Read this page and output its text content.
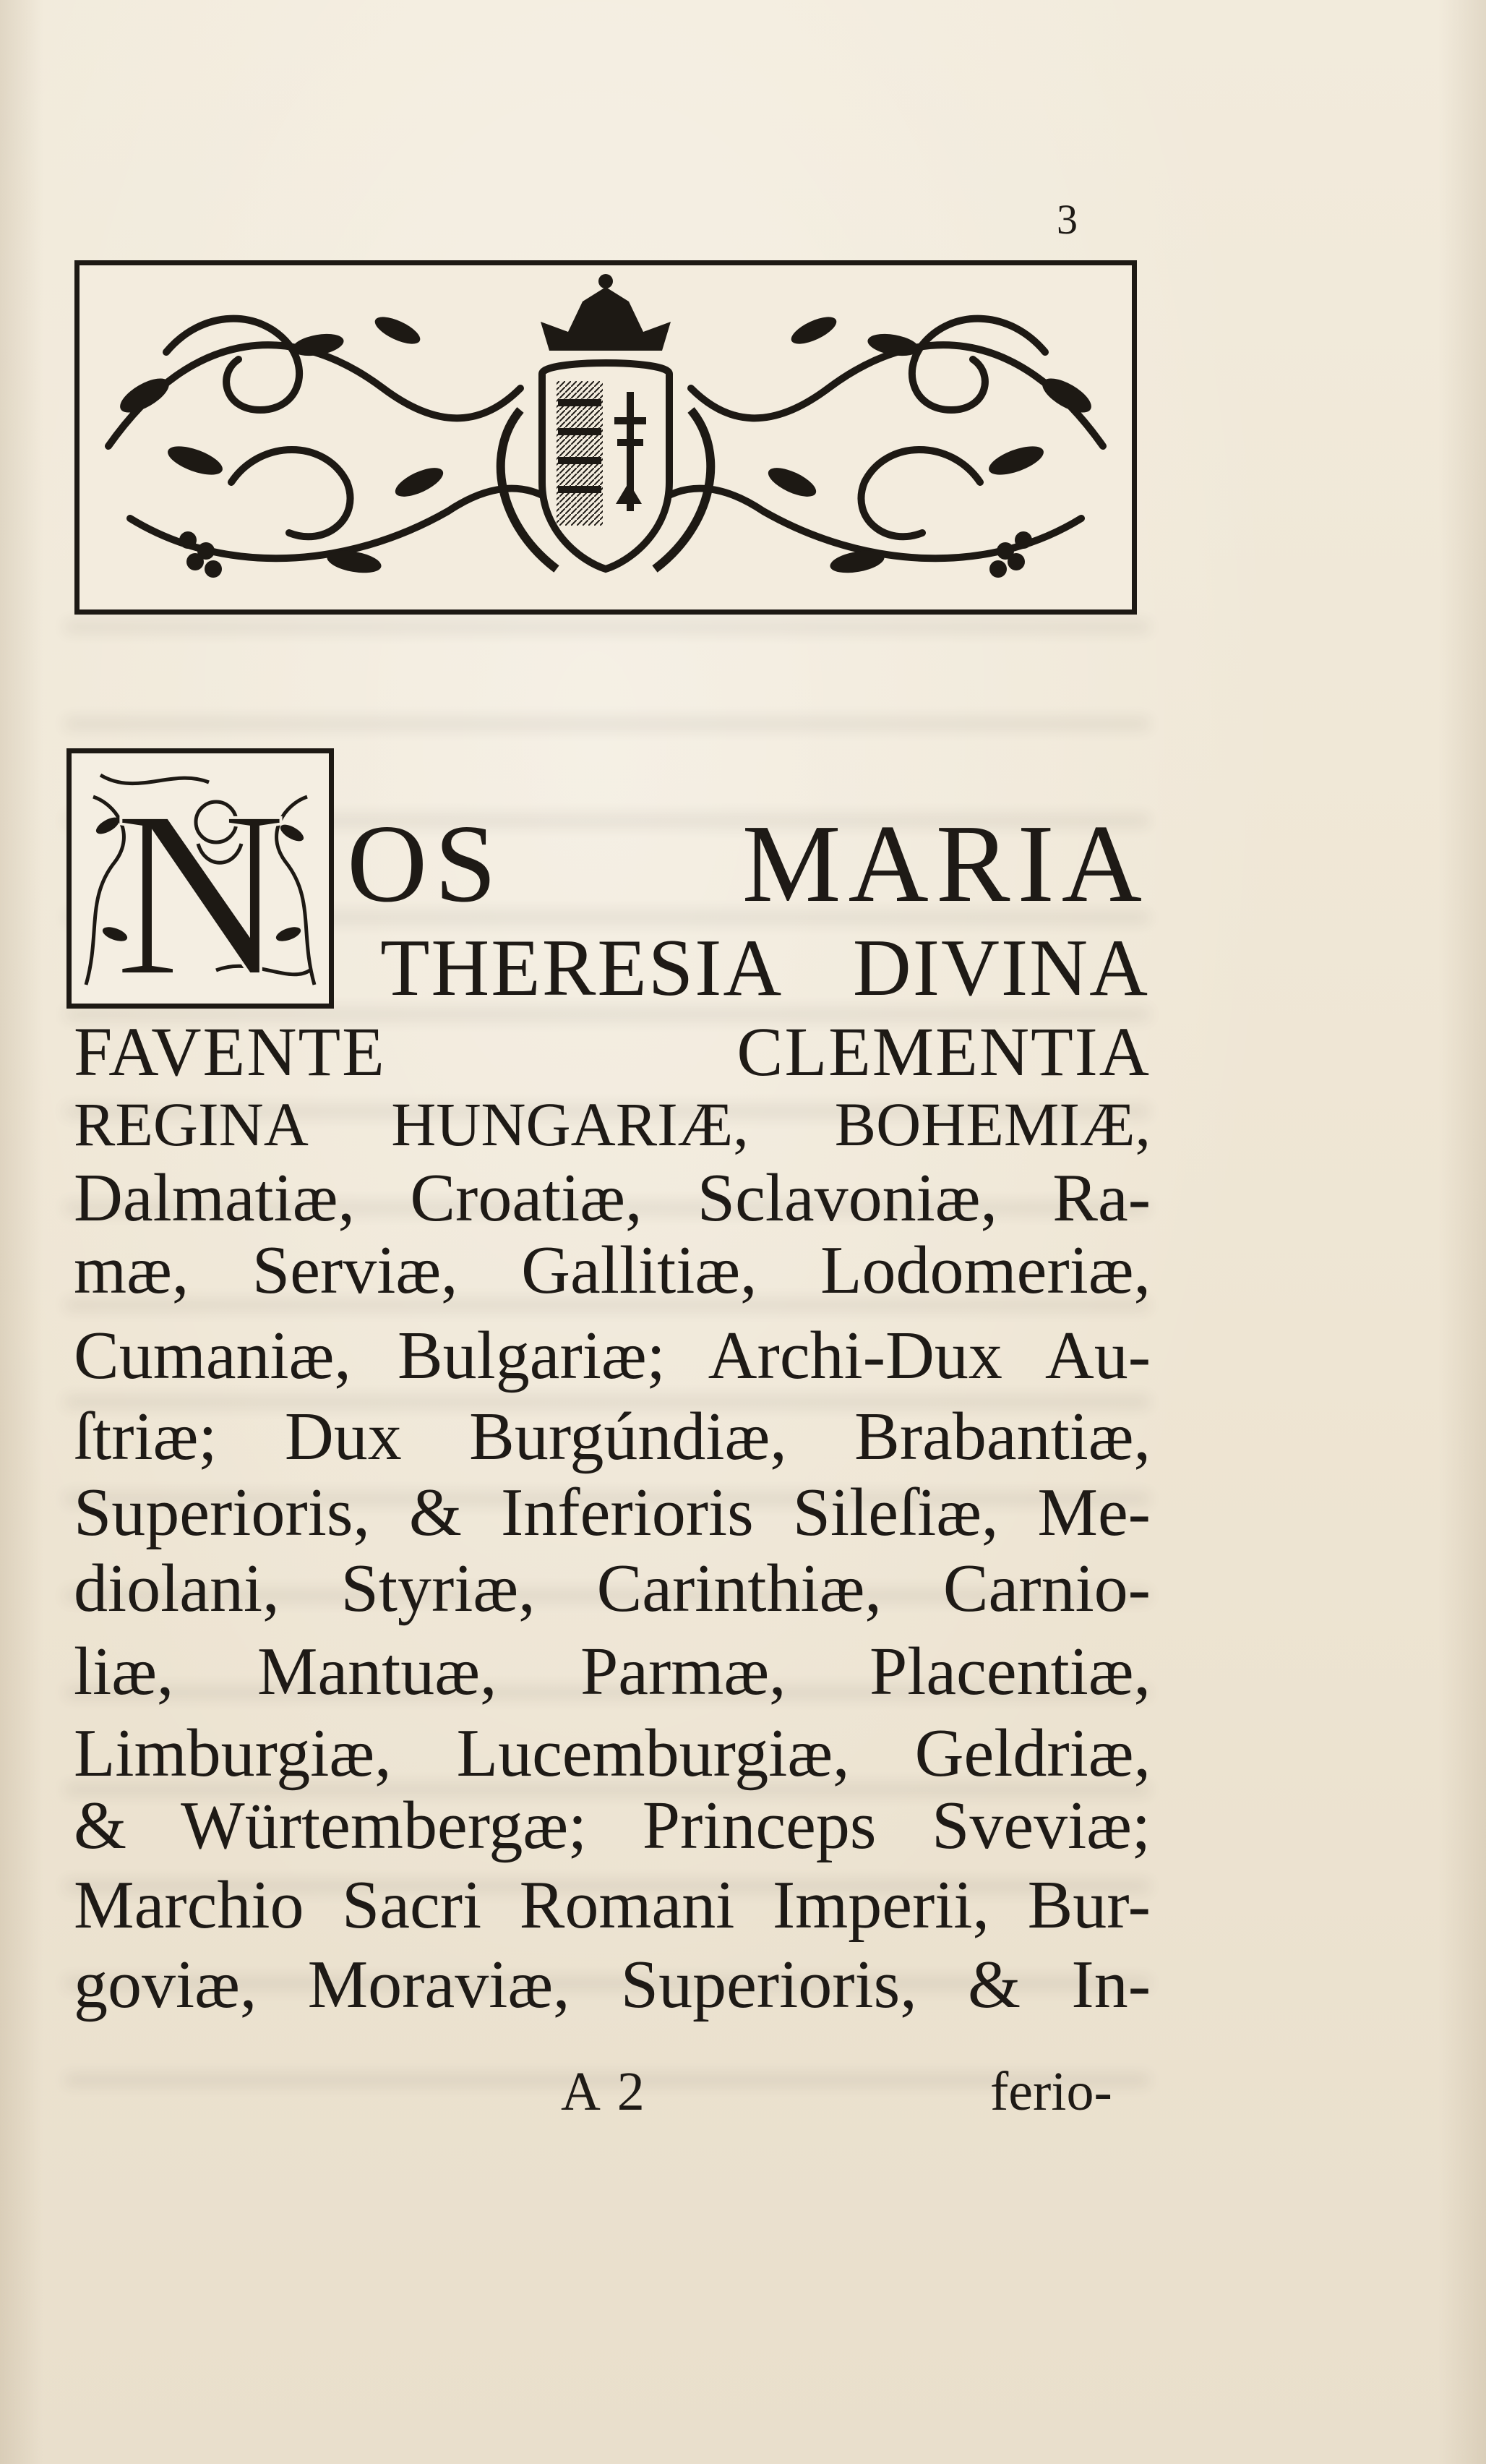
3
N OS MARIA
THERESIA DIVINA
FAVENTE CLEMENTIA
REGINA HUNGARIÆ, BOHEMIÆ,
Dalmatiæ, Croatiæ, Sclavoniæ, Ra-
mæ, Serviæ, Gallitiæ, Lodomeriæ,
Cumaniæ, Bulgariæ; Archi-Dux Au-
ſtriæ; Dux Burgúndiæ, Brabantiæ,
Superioris, & Inferioris Sileſiæ, Me-
diolani, Styriæ, Carinthiæ, Carnio-
liæ, Mantuæ, Parmæ, Placentiæ,
Limburgiæ, Lucemburgiæ, Geldriæ,
& Würtembergæ; Princeps Sveviæ;
Marchio Sacri Romani Imperii, Bur-
goviæ, Moraviæ, Superioris, & In-
A 2	ferio-
